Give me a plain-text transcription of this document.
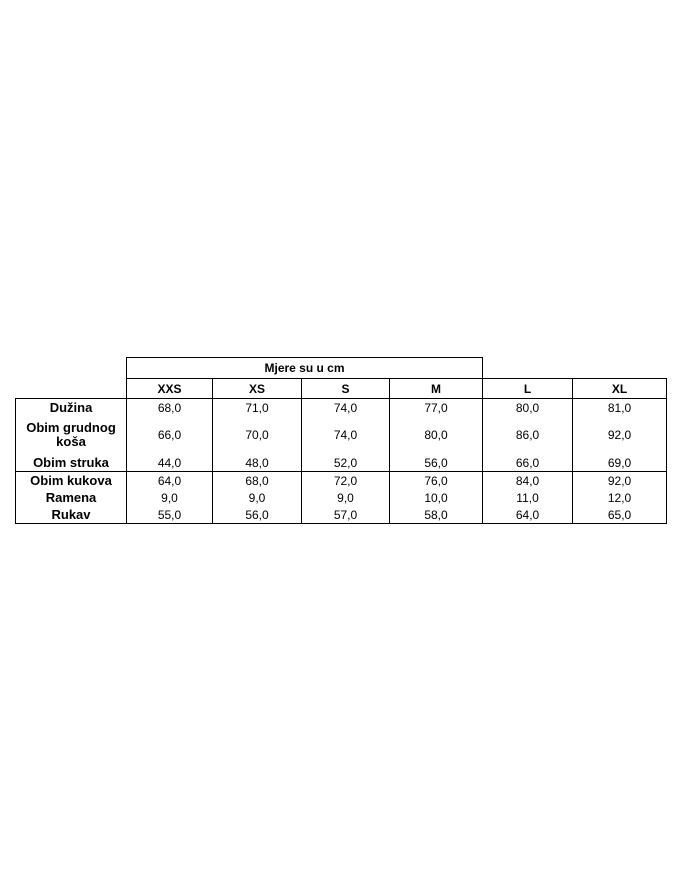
	Mjere su u cm					
	XXS	XS	S	M	L	XL
Dužina	68,0	71,0	74,0	77,0	80,0	81,0
Obim grudnog koša	66,0	70,0	74,0	80,0	86,0	92,0
Obim struka	44,0	48,0	52,0	56,0	66,0	69,0
Obim kukova	64,0	68,0	72,0	76,0	84,0	92,0
Ramena	9,0	9,0	9,0	10,0	11,0	12,0
Rukav	55,0	56,0	57,0	58,0	64,0	65,0
